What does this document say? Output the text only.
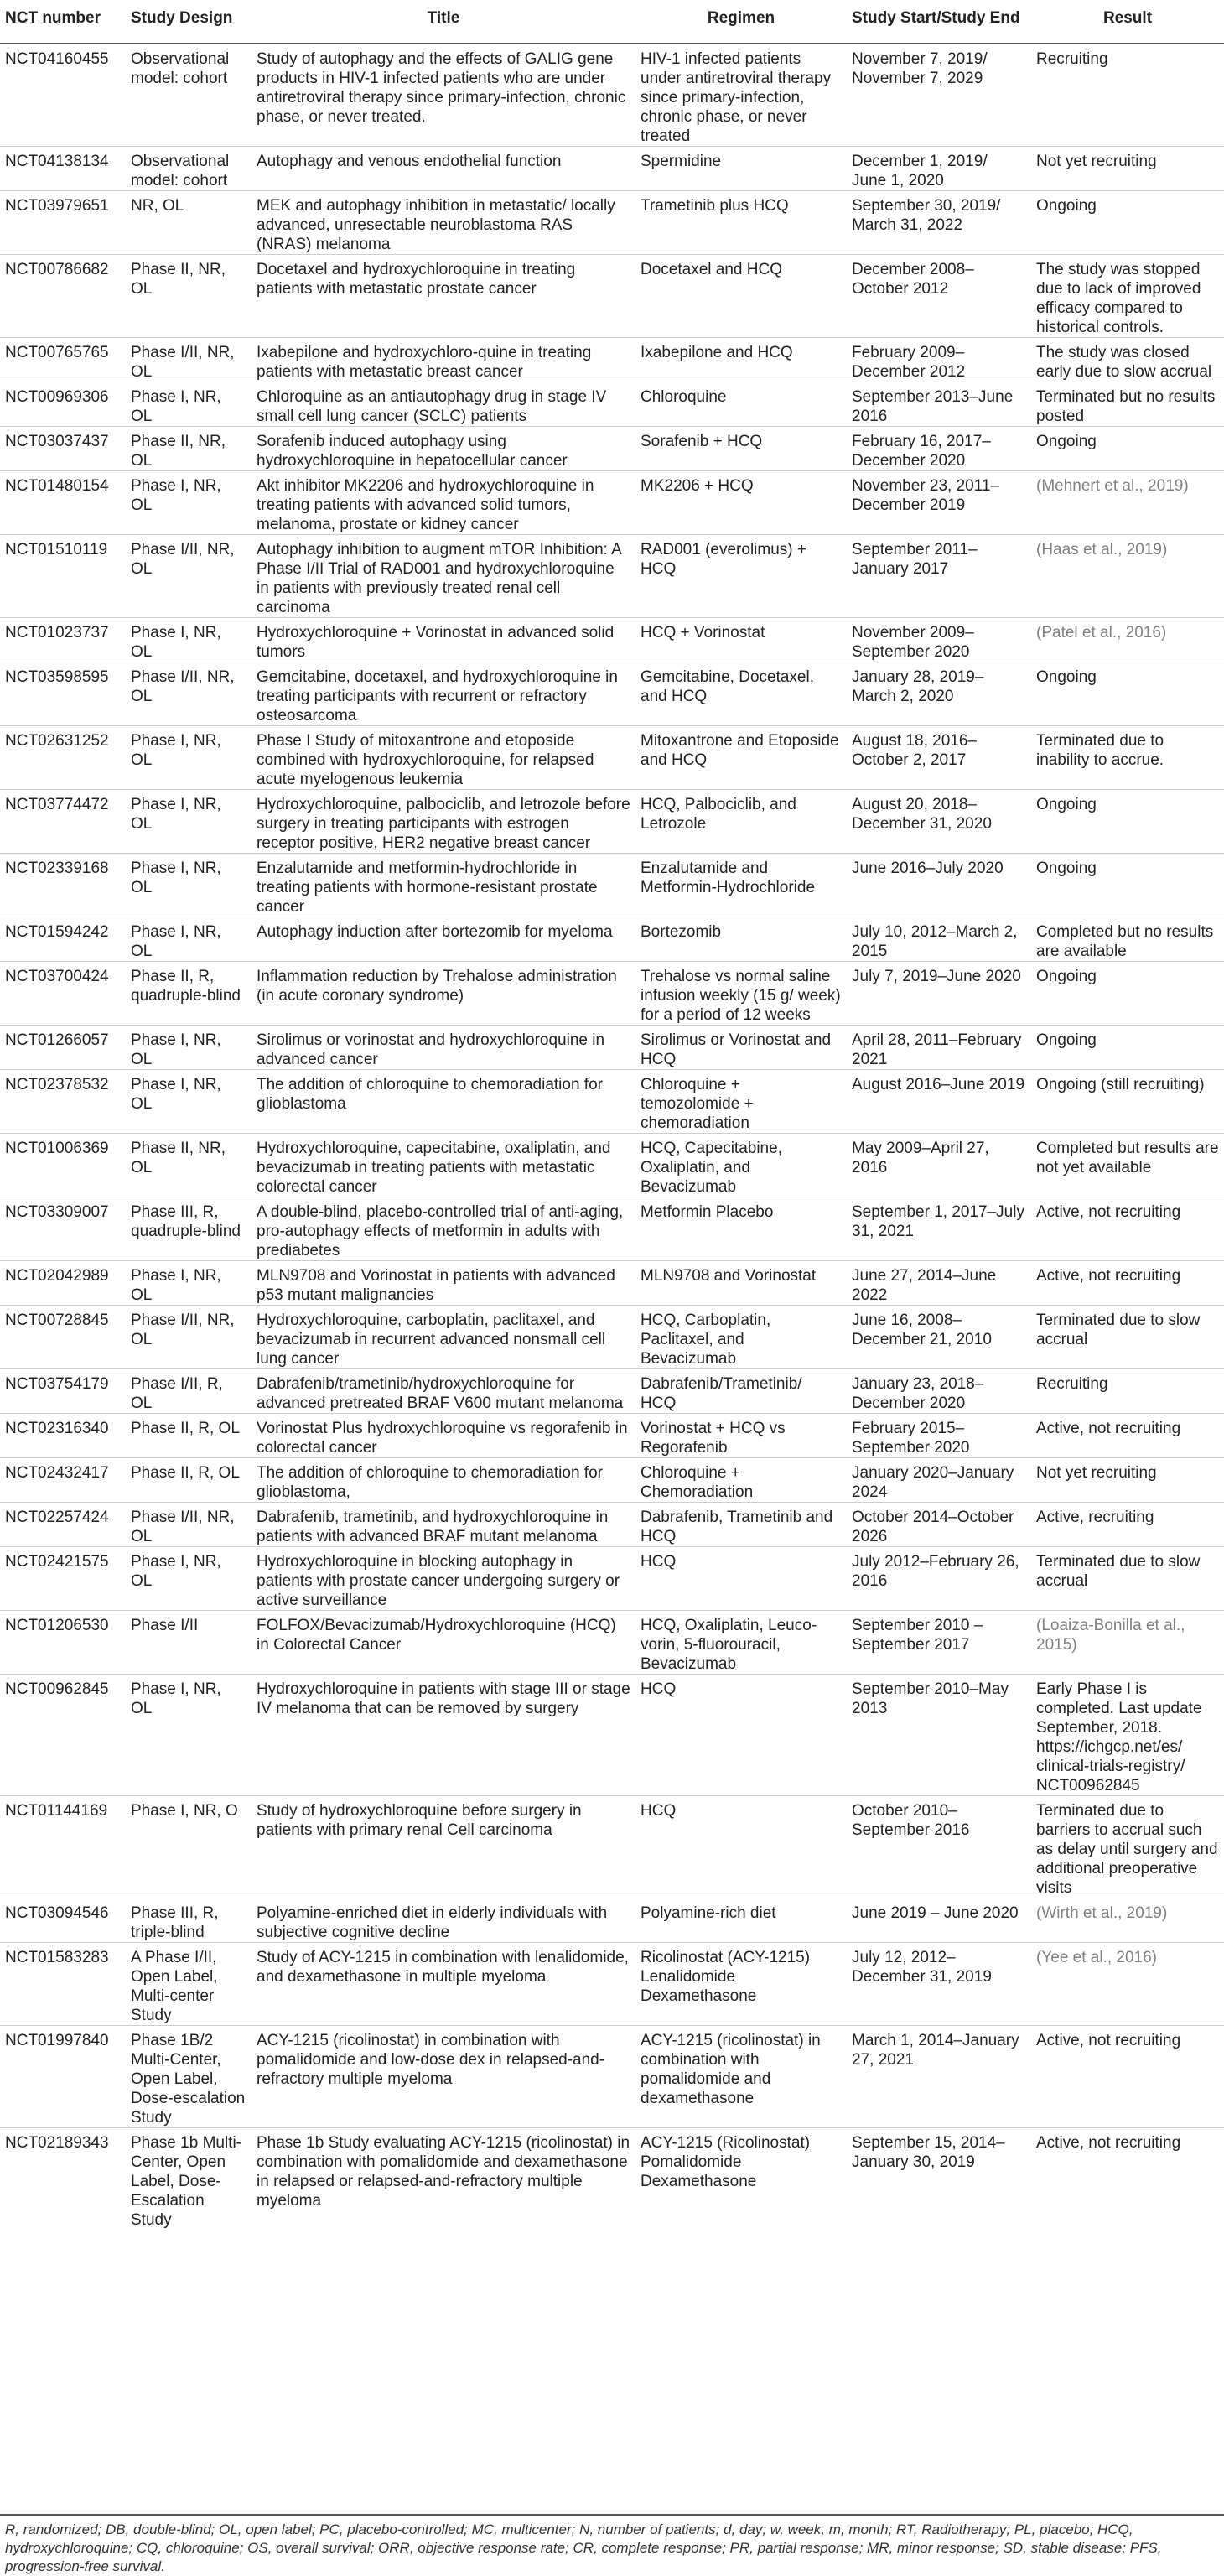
NCT number	Study Design	Title	Regimen	Study Start/Study End	Result
NCT04160455	Observational model: cohort	Study of autophagy and the effects of GALIG gene products in HIV-1 infected patients who are under antiretroviral therapy since primary-infection, chronic phase, or never treated.	HIV-1 infected patients under antiretroviral therapy since primary-infection, chronic phase, or never treated	November 7, 2019/ November 7, 2029	Recruiting
NCT04138134	Observational model: cohort	Autophagy and venous endothelial function	Spermidine	December 1, 2019/ June 1, 2020	Not yet recruiting
NCT03979651	NR, OL	MEK and autophagy inhibition in metastatic/ locally advanced, unresectable neuroblastoma RAS (NRAS) melanoma	Trametinib plus HCQ	September 30, 2019/ March 31, 2022	Ongoing
NCT00786682	Phase II, NR, OL	Docetaxel and hydroxychloroquine in treating patients with metastatic prostate cancer	Docetaxel and HCQ	December 2008–October 2012	The study was stopped due to lack of improved efficacy compared to historical controls.
NCT00765765	Phase I/II, NR, OL	Ixabepilone and hydroxychloro-quine in treating patients with metastatic breast cancer	Ixabepilone and HCQ	February 2009–December 2012	The study was closed early due to slow accrual
NCT00969306	Phase I, NR, OL	Chloroquine as an antiautophagy drug in stage IV small cell lung cancer (SCLC) patients	Chloroquine	September 2013–June 2016	Terminated but no results posted
NCT03037437	Phase II, NR, OL	Sorafenib induced autophagy using hydroxychloroquine in hepatocellular cancer	Sorafenib + HCQ	February 16, 2017–December 2020	Ongoing
NCT01480154	Phase I, NR, OL	Akt inhibitor MK2206 and hydroxychloroquine in treating patients with advanced solid tumors, melanoma, prostate or kidney cancer	MK2206 + HCQ	November 23, 2011–December 2019	(Mehnert et al., 2019)
NCT01510119	Phase I/II, NR, OL	Autophagy inhibition to augment mTOR Inhibition: A Phase I/II Trial of RAD001 and hydroxychloroquine in patients with previously treated renal cell carcinoma	RAD001 (everolimus) + HCQ	September 2011–January 2017	(Haas et al., 2019)
NCT01023737	Phase I, NR, OL	Hydroxychloroquine + Vorinostat in advanced solid tumors	HCQ + Vorinostat	November 2009–September 2020	(Patel et al., 2016)
NCT03598595	Phase I/II, NR, OL	Gemcitabine, docetaxel, and hydroxychloroquine in treating participants with recurrent or refractory osteosarcoma	Gemcitabine, Docetaxel, and HCQ	January 28, 2019–March 2, 2020	Ongoing
NCT02631252	Phase I, NR, OL	Phase I Study of mitoxantrone and etoposide combined with hydroxychloroquine, for relapsed acute myelogenous leukemia	Mitoxantrone and Etoposide and HCQ	August 18, 2016–October 2, 2017	Terminated due to inability to accrue.
NCT03774472	Phase I, NR, OL	Hydroxychloroquine, palbociclib, and letrozole before surgery in treating participants with estrogen receptor positive, HER2 negative breast cancer	HCQ, Palbociclib, and Letrozole	August 20, 2018–December 31, 2020	Ongoing
NCT02339168	Phase I, NR, OL	Enzalutamide and metformin-hydrochloride in treating patients with hormone-resistant prostate cancer	Enzalutamide and Metformin-Hydrochloride	June 2016–July 2020	Ongoing
NCT01594242	Phase I, NR, OL	Autophagy induction after bortezomib for myeloma	Bortezomib	July 10, 2012–March 2, 2015	Completed but no results are available
NCT03700424	Phase II, R, quadruple-blind	Inflammation reduction by Trehalose administration (in acute coronary syndrome)	Trehalose vs normal saline infusion weekly (15 g/ week) for a period of 12 weeks	July 7, 2019–June 2020	Ongoing
NCT01266057	Phase I, NR, OL	Sirolimus or vorinostat and hydroxychloroquine in advanced cancer	Sirolimus or Vorinostat and HCQ	April 28, 2011–February 2021	Ongoing
NCT02378532	Phase I, NR, OL	The addition of chloroquine to chemoradiation for glioblastoma	Chloroquine + temozolomide + chemoradiation	August 2016–June 2019	Ongoing (still recruiting)
NCT01006369	Phase II, NR, OL	Hydroxychloroquine, capecitabine, oxaliplatin, and bevacizumab in treating patients with metastatic colorectal cancer	HCQ, Capecitabine, Oxaliplatin, and Bevacizumab	May 2009–April 27, 2016	Completed but results are not yet available
NCT03309007	Phase III, R, quadruple-blind	A double-blind, placebo-controlled trial of anti-aging, pro-autophagy effects of metformin in adults with prediabetes	Metformin Placebo	September 1, 2017–July 31, 2021	Active, not recruiting
NCT02042989	Phase I, NR, OL	MLN9708 and Vorinostat in patients with advanced p53 mutant malignancies	MLN9708 and Vorinostat	June 27, 2014–June 2022	Active, not recruiting
NCT00728845	Phase I/II, NR, OL	Hydroxychloroquine, carboplatin, paclitaxel, and bevacizumab in recurrent advanced nonsmall cell lung cancer	HCQ, Carboplatin, Paclitaxel, and Bevacizumab	June 16, 2008–December 21, 2010	Terminated due to slow accrual
NCT03754179	Phase I/II, R, OL	Dabrafenib/trametinib/hydroxychloroquine for advanced pretreated BRAF V600 mutant melanoma	Dabrafenib/Trametinib/ HCQ	January 23, 2018–December 2020	Recruiting
NCT02316340	Phase II, R, OL	Vorinostat Plus hydroxychloroquine vs regorafenib in colorectal cancer	Vorinostat + HCQ vs Regorafenib	February 2015–September 2020	Active, not recruiting
NCT02432417	Phase II, R, OL	The addition of chloroquine to chemoradiation for glioblastoma,	Chloroquine + Chemoradiation	January 2020–January 2024	Not yet recruiting
NCT02257424	Phase I/II, NR, OL	Dabrafenib, trametinib, and hydroxychloroquine in patients with advanced BRAF mutant melanoma	Dabrafenib, Trametinib and HCQ	October 2014–October 2026	Active, recruiting
NCT02421575	Phase I, NR, OL	Hydroxychloroquine in blocking autophagy in patients with prostate cancer undergoing surgery or active surveillance	HCQ	July 2012–February 26, 2016	Terminated due to slow accrual
NCT01206530	Phase I/II	FOLFOX/Bevacizumab/Hydroxychloroquine (HCQ) in Colorectal Cancer	HCQ, Oxaliplatin, Leuco-vorin, 5-fluorouracil, Bevacizumab	September 2010 – September 2017	(Loaiza-Bonilla et al., 2015)
NCT00962845	Phase I, NR, OL	Hydroxychloroquine in patients with stage III or stage IV melanoma that can be removed by surgery	HCQ	September 2010–May 2013	Early Phase I is completed. Last update September, 2018. https://ichgcp.net/es/ clinical-trials-registry/ NCT00962845
NCT01144169	Phase I, NR, O	Study of hydroxychloroquine before surgery in patients with primary renal Cell carcinoma	HCQ	October 2010–September 2016	Terminated due to barriers to accrual such as delay until surgery and additional preoperative visits
NCT03094546	Phase III, R, triple-blind	Polyamine-enriched diet in elderly individuals with subjective cognitive decline	Polyamine-rich diet	June 2019 – June 2020	(Wirth et al., 2019)
NCT01583283	A Phase I/II, Open Label, Multi-center Study	Study of ACY-1215 in combination with lenalidomide, and dexamethasone in multiple myeloma	Ricolinostat (ACY-1215) Lenalidomide Dexamethasone	July 12, 2012–December 31, 2019	(Yee et al., 2016)
NCT01997840	Phase 1B/2 Multi-Center, Open Label, Dose-escalation Study	ACY-1215 (ricolinostat) in combination with pomalidomide and low-dose dex in relapsed-and-refractory multiple myeloma	ACY-1215 (ricolinostat) in combination with pomalidomide and dexamethasone	March 1, 2014–January 27, 2021	Active, not recruiting
NCT02189343	Phase 1b Multi-Center, Open Label, Dose-Escalation Study	Phase 1b Study evaluating ACY-1215 (ricolinostat) in combination with pomalidomide and dexamethasone in relapsed or relapsed-and-refractory multiple myeloma	ACY-1215 (Ricolinostat) Pomalidomide Dexamethasone	September 15, 2014–January 30, 2019	Active, not recruiting
R, randomized; DB, double-blind; OL, open label; PC, placebo-controlled; MC, multicenter; N, number of patients; d, day; w, week, m, month; RT, Radiotherapy; PL, placebo; HCQ, hydroxychloroquine; CQ, chloroquine; OS, overall survival; ORR, objective response rate; CR, complete response; PR, partial response; MR, minor response; SD, stable disease; PFS, progression-free survival.
